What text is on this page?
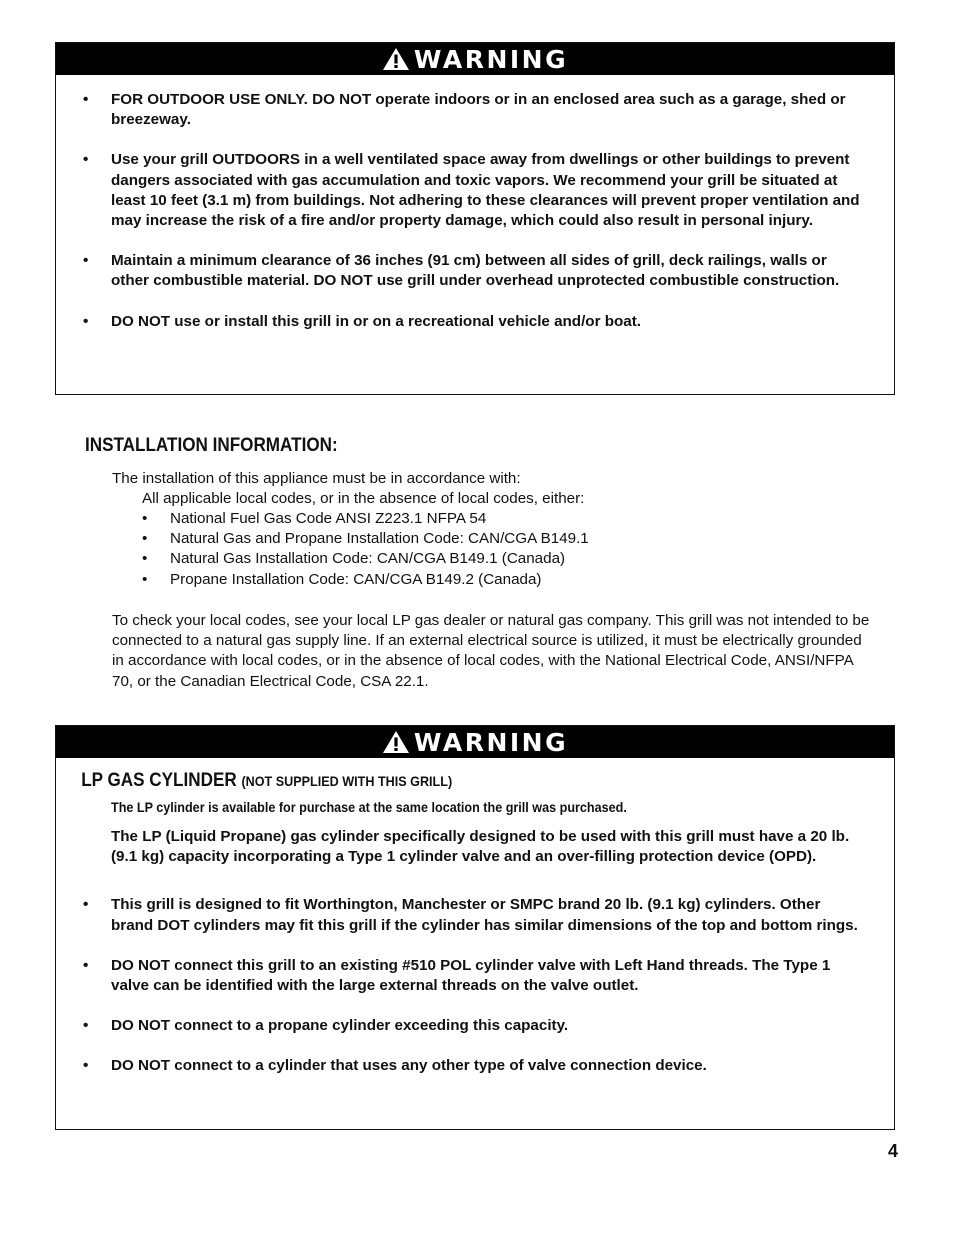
WARNING
• FOR OUTDOOR USE ONLY. DO NOT operate indoors or in an enclosed area such as a garage, shed or breezeway.
• Use your grill OUTDOORS in a well ventilated space away from dwellings or other buildings to prevent dangers associated with gas accumulation and toxic vapors. We recommend your grill be situated at least 10 feet (3.1 m) from buildings. Not adhering to these clearances will prevent proper ventilation and may increase the risk of a fire and/or property damage, which could also result in personal injury.
• Maintain a minimum clearance of 36 inches (91 cm) between all sides of grill, deck railings, walls or other combustible material. DO NOT use grill under overhead unprotected combustible construction.
• DO NOT use or install this grill in or on a recreational vehicle and/or boat.
INSTALLATION INFORMATION:

The installation of this appliance must be in accordance with:

All applicable local codes, or in the absence of local codes, either:

• National Fuel Gas Code ANSI Z223.1 NFPA 54
• Natural Gas and Propane Installation Code: CAN/CGA B149.1
• Natural Gas Installation Code: CAN/CGA B149.1 (Canada)
• Propane Installation Code: CAN/CGA B149.2 (Canada)

To check your local codes, see your local LP gas dealer or natural gas company. This grill was not intended to be connected to a natural gas supply line. If an external electrical source is utilized, it must be electrically grounded in accordance with local codes, or in the absence of local codes, with the National Electrical Code, ANSI/NFPA 70, or the Canadian Electrical Code, CSA 22.1.

WARNING
LP GAS CYLINDER (NOT SUPPLIED WITH THIS GRILL)

The LP cylinder is available for purchase at the same location the grill was purchased.

The LP (Liquid Propane) gas cylinder specifically designed to be used with this grill must have a 20 lb. (9.1 kg) capacity incorporating a Type 1 cylinder valve and an over-filling protection device (OPD).

• This grill is designed to fit Worthington, Manchester or SMPC brand 20 lb. (9.1 kg) cylinders. Other brand DOT cylinders may fit this grill if the cylinder has similar dimensions of the top and bottom rings.
• DO NOT connect this grill to an existing #510 POL cylinder valve with Left Hand threads. The Type 1 valve can be identified with the large external threads on the valve outlet.
• DO NOT connect to a propane cylinder exceeding this capacity.
• DO NOT connect to a cylinder that uses any other type of valve connection device.

4
